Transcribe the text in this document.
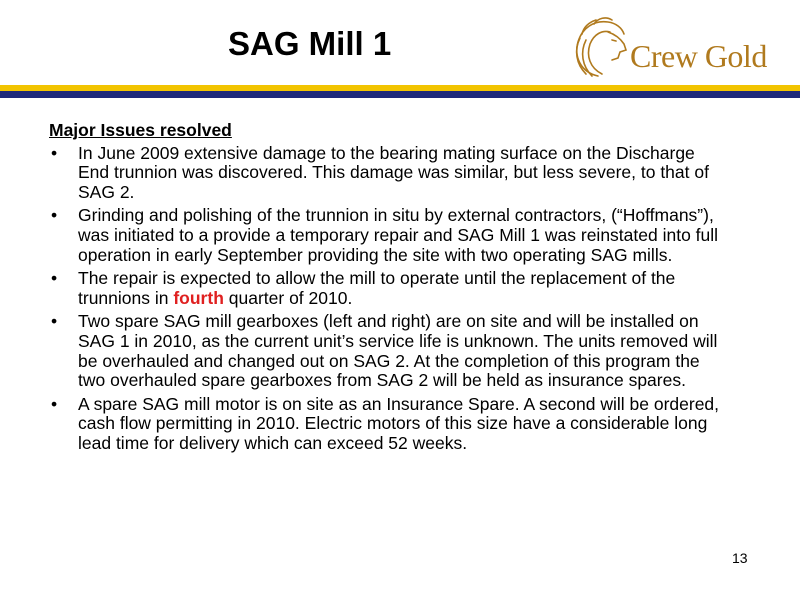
SAG Mill 1	Crew Gold
Major Issues resolved
• In June 2009 extensive damage to the bearing mating surface on the Discharge End trunnion was discovered. This damage was similar, but less severe, to that of SAG 2.
• Grinding and polishing of the trunnion in situ by external contractors, (“Hoffmans”), was initiated to a provide a temporary repair and SAG Mill 1 was reinstated into full operation in early September providing the site with two operating SAG mills.
• The repair is expected to allow the mill to operate until the replacement of the trunnions in fourth quarter of 2010.
• Two spare SAG mill gearboxes (left and right) are on site and will be installed on SAG 1 in 2010, as the current unit’s service life is unknown. The units removed will be overhauled and changed out on SAG 2. At the completion of this program the two overhauled spare gearboxes from SAG 2 will be held as insurance spares.
• A spare SAG mill motor is on site as an Insurance Spare. A second will be ordered, cash flow permitting in 2010. Electric motors of this size have a considerable long lead time for delivery which can exceed 52 weeks.
13
